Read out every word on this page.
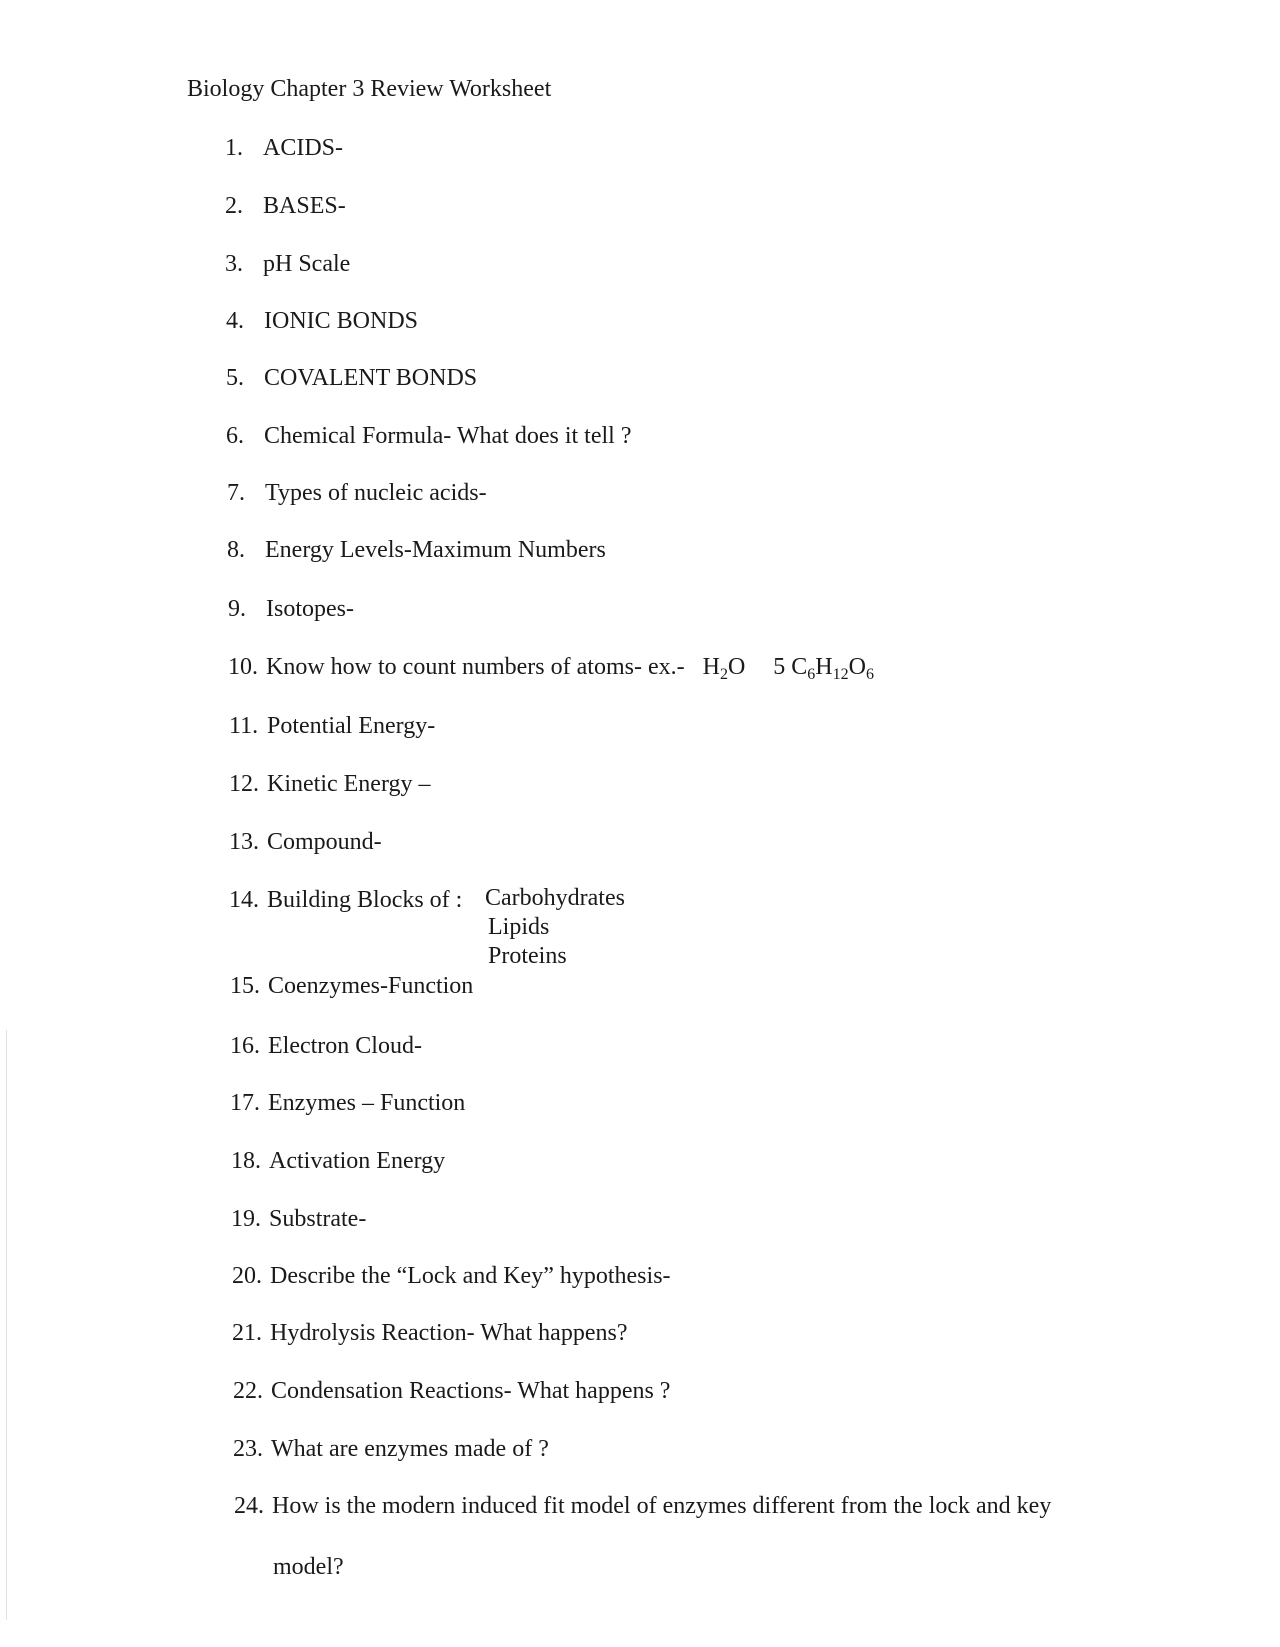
Biology Chapter 3 Review Worksheet
1. ACIDS-
2. BASES-
3. pH Scale
4. IONIC BONDS
5. COVALENT BONDS
6. Chemical Formula- What does it tell ?
7. Types of nucleic acids-
8. Energy Levels-Maximum Numbers
9. Isotopes-
10. Know how to count numbers of atoms- ex.- $H_2O$ 5 $C_6H_{12}O_6$
11. Potential Energy-
12. Kinetic Energy –
13. Compound-
14. Building Blocks of : Carbohydrates
Lipids
Proteins
15. Coenzymes-Function
16. Electron Cloud-
17. Enzymes – Function
18. Activation Energy
19. Substrate-
20. Describe the “Lock and Key” hypothesis-
21. Hydrolysis Reaction- What happens?
22. Condensation Reactions- What happens ?
23. What are enzymes made of ?
24. How is the modern induced fit model of enzymes different from the lock and key
model?
